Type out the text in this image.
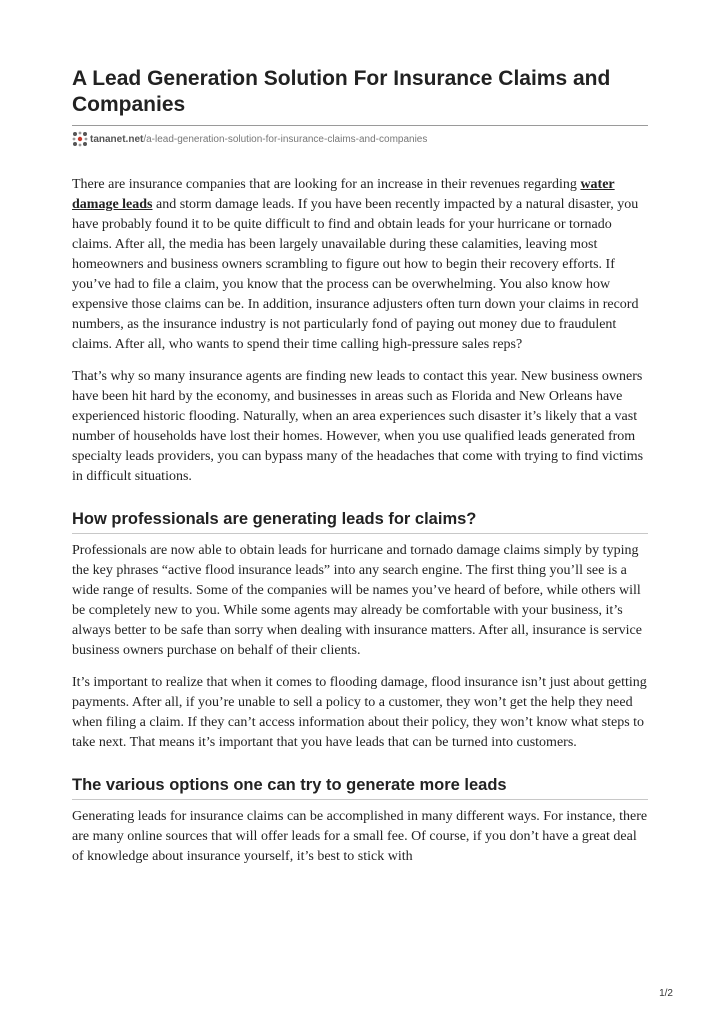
A Lead Generation Solution For Insurance Claims and Companies
tananet.net /a-lead-generation-solution-for-insurance-claims-and-companies

There are insurance companies that are looking for an increase in their revenues regarding water damage leads and storm damage leads. If you have been recently impacted by a natural disaster, you have probably found it to be quite difficult to find and obtain leads for your hurricane or tornado claims. After all, the media has been largely unavailable during these calamities, leaving most homeowners and business owners scrambling to figure out how to begin their recovery efforts. If you’ve had to file a claim, you know that the process can be overwhelming. You also know how expensive those claims can be. In addition, insurance adjusters often turn down your claims in record numbers, as the insurance industry is not particularly fond of paying out money due to fraudulent claims. After all, who wants to spend their time calling high-pressure sales reps?

That’s why so many insurance agents are finding new leads to contact this year. New business owners have been hit hard by the economy, and businesses in areas such as Florida and New Orleans have experienced historic flooding. Naturally, when an area experiences such disaster it’s likely that a vast number of households have lost their homes. However, when you use qualified leads generated from specialty leads providers, you can bypass many of the headaches that come with trying to find victims in difficult situations.

How professionals are generating leads for claims?

Professionals are now able to obtain leads for hurricane and tornado damage claims simply by typing the key phrases “active flood insurance leads” into any search engine. The first thing you’ll see is a wide range of results. Some of the companies will be names you’ve heard of before, while others will be completely new to you. While some agents may already be comfortable with your business, it’s always better to be safe than sorry when dealing with insurance matters. After all, insurance is service business owners purchase on behalf of their clients.

It’s important to realize that when it comes to flooding damage, flood insurance isn’t just about getting payments. After all, if you’re unable to sell a policy to a customer, they won’t get the help they need when filing a claim. If they can’t access information about their policy, they won’t know what steps to take next. That means it’s important that you have leads that can be turned into customers.

The various options one can try to generate more leads

Generating leads for insurance claims can be accomplished in many different ways. For instance, there are many online sources that will offer leads for a small fee. Of course, if you don’t have a great deal of knowledge about insurance yourself, it’s best to stick with

1/2
